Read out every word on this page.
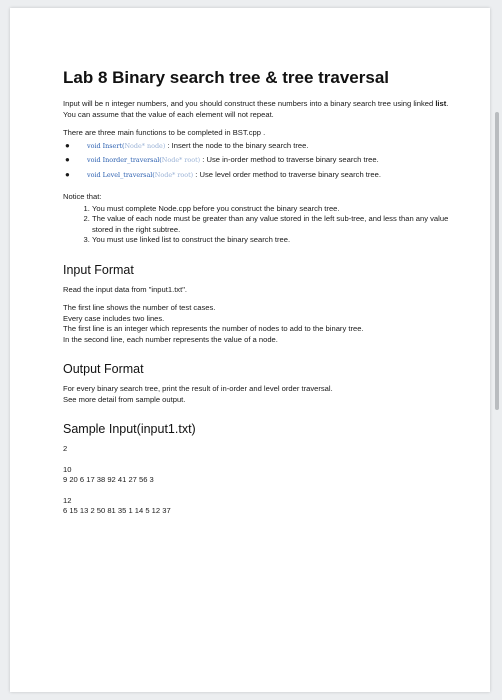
Lab 8 Binary search tree & tree traversal

Input will be n integer numbers, and you should construct these numbers into a binary search tree using linked list. You can assume that the value of each element will not repeat.

There are three main functions to be completed in BST.cpp .

●	void Insert(Node* node) : Insert the node to the binary search tree.
●	void Inorder_traversal(Node* root) : Use in-order method to traverse binary search tree.
●	void Level_traversal(Node* root) : Use level order method to traverse binary search tree.

Notice that:

1. You must complete Node.cpp before you construct the binary search tree.
2. The value of each node must be greater than any value stored in the left sub-tree, and less than any value stored in the right subtree.
3. You must use linked list to construct the binary search tree.
Input Format

Read the input data from "input1.txt".

The first line shows the number of test cases.

Every case includes two lines.

The first line is an integer which represents the number of nodes to add to the binary tree.

In the second line, each number represents the value of a node.

Output Format

For every binary search tree, print the result of in-order and level order traversal.

See more detail from sample output.

Sample Input(input1.txt)
2
10
9 20 6 17 38 92 41 27 56 3
12
6 15 13 2 50 81 35 1 14 5 12 37
